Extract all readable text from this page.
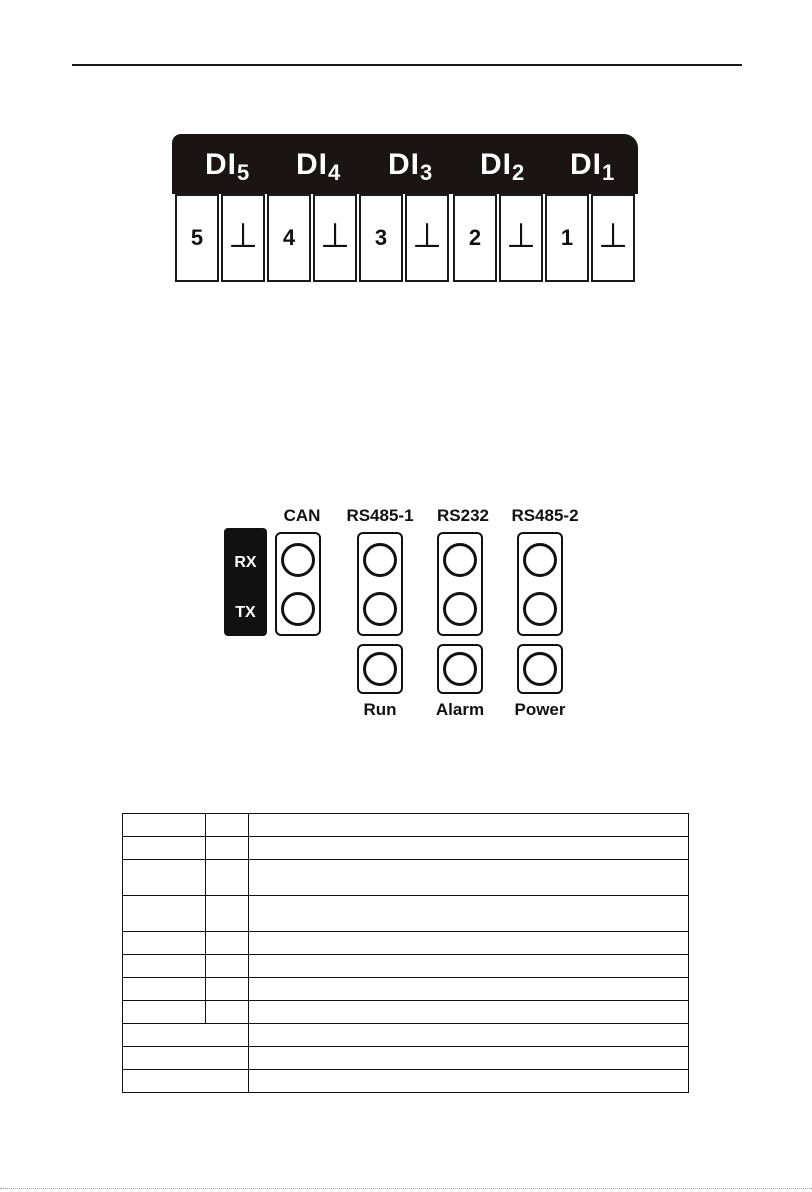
$DI_5$ $DI_4$ $DI_3$ $DI_2$ $DI_1$
5 ⊥	4 ⊥	3 ⊥	2 ⊥	1 ⊥
CAN	RS485-1	RS232	RS485-2
RX
TX
Run	Alarm	Power
